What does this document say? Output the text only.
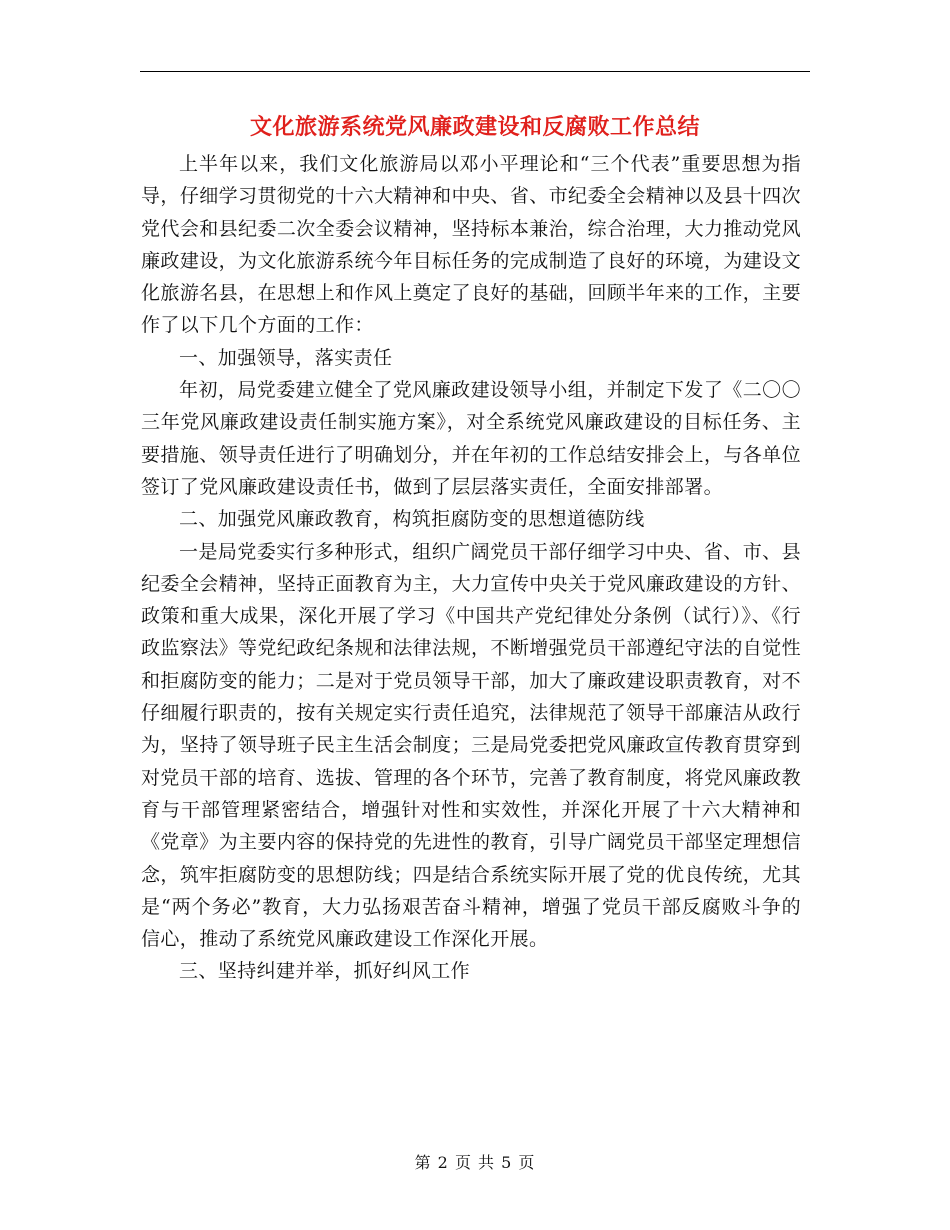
文化旅游系统党风廉政建设和反腐败工作总结

上半年以来，我们文化旅游局以邓小平理论和“三个代表”重要思想为指导，仔细学习贯彻党的十六大精神和中央、省、市纪委全会精神以及县十四次党代会和县纪委二次全委会议精神，坚持标本兼治，综合治理，大力推动党风廉政建设，为文化旅游系统今年目标任务的完成制造了良好的环境，为建设文化旅游名县，在思想上和作风上奠定了良好的基础，回顾半年来的工作，主要作了以下几个方面的工作：

一、加强领导，落实责任

年初，局党委建立健全了党风廉政建设领导小组，并制定下发了《二〇〇三年党风廉政建设责任制实施方案》，对全系统党风廉政建设的目标任务、主要措施、领导责任进行了明确划分，并在年初的工作总结安排会上，与各单位签订了党风廉政建设责任书，做到了层层落实责任，全面安排部署。

二、加强党风廉政教育，构筑拒腐防变的思想道德防线

一是局党委实行多种形式，组织广阔党员干部仔细学习中央、省、市、县纪委全会精神，坚持正面教育为主，大力宣传中央关于党风廉政建设的方针、政策和重大成果，深化开展了学习《中国共产党纪律处分条例（试行）》、《行政监察法》等党纪政纪条规和法律法规，不断增强党员干部遵纪守法的自觉性和拒腐防变的能力；二是对于党员领导干部，加大了廉政建设职责教育，对不仔细履行职责的，按有关规定实行责任追究，法律规范了领导干部廉洁从政行为，坚持了领导班子民主生活会制度；三是局党委把党风廉政宣传教育贯穿到对党员干部的培育、选拔、管理的各个环节，完善了教育制度，将党风廉政教育与干部管理紧密结合，增强针对性和实效性，并深化开展了十六大精神和《党章》为主要内容的保持党的先进性的教育，引导广阔党员干部坚定理想信念，筑牢拒腐防变的思想防线；四是结合系统实际开展了党的优良传统，尤其是“两个务必”教育，大力弘扬艰苦奋斗精神，增强了党员干部反腐败斗争的信心，推动了系统党风廉政建设工作深化开展。

三、坚持纠建并举，抓好纠风工作

第 2 页 共 5 页
